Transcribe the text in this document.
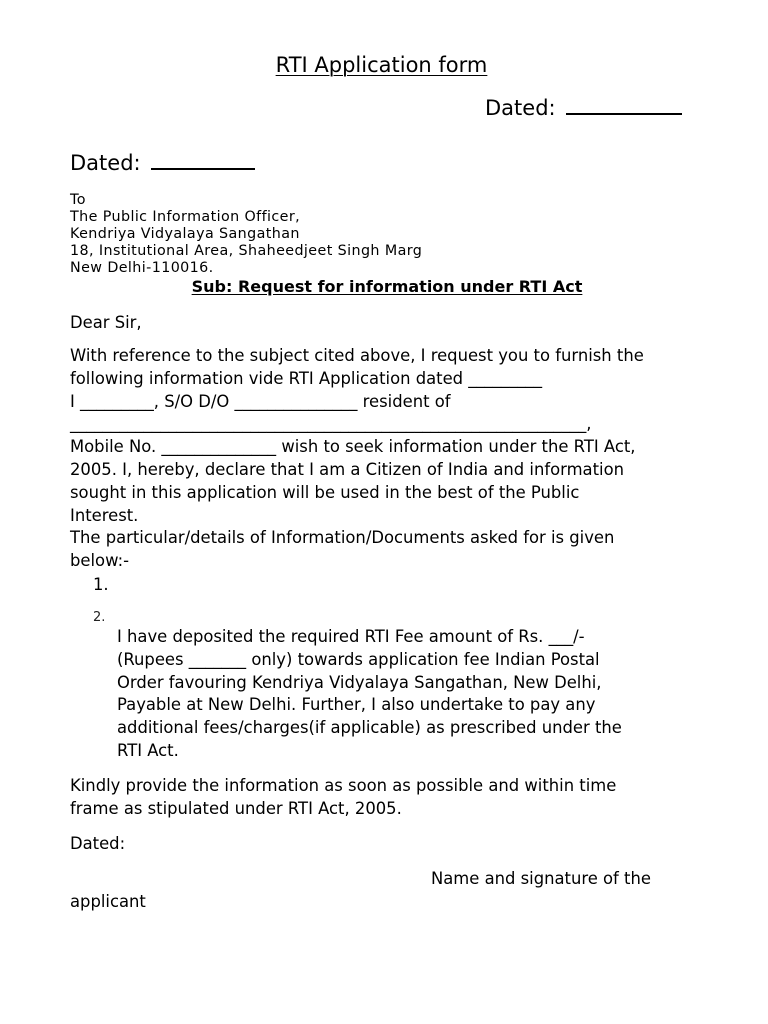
RTI Application form
Dated:
Dated:
To
The Public Information Officer,
Kendriya Vidyalaya Sangathan
18, Institutional Area, Shaheedjeet Singh Marg
New Delhi-110016.
Sub: Request for information under RTI Act
Dear Sir,
With reference to the subject cited above, I request you to furnish the
following information vide RTI Application dated _________
I _________, S/O D/O _______________ resident of
_______________________________________________________________,
Mobile No. ______________ wish to seek information under the RTI Act,
2005. I, hereby, declare that I am a Citizen of India and information
sought in this application will be used in the best of the Public
Interest.
The particular/details of Information/Documents asked for is given
below:-
1.
2.
I have deposited the required RTI Fee amount of Rs. ___/-
(Rupees _______ only) towards application fee Indian Postal
Order favouring Kendriya Vidyalaya Sangathan, New Delhi,
Payable at New Delhi. Further, I also undertake to pay any
additional fees/charges(if applicable) as prescribed under the
RTI Act.
Kindly provide the information as soon as possible and within time
frame as stipulated under RTI Act, 2005.
Dated:
Name and signature of the
applicant
